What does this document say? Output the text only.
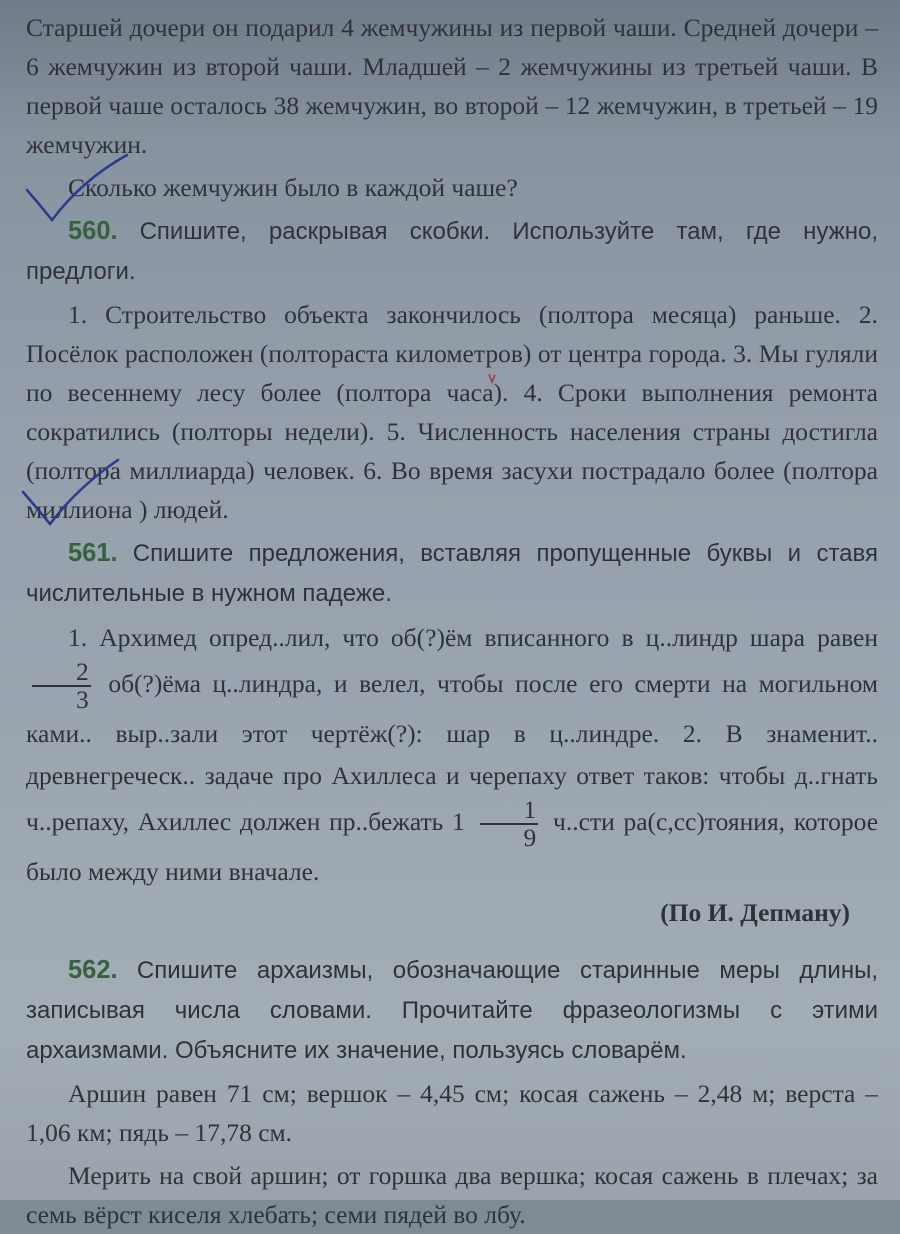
Старшей дочери он подарил 4 жемчужины из первой чаши. Средней дочери – 6 жемчужин из второй чаши. Младшей – 2 жемчужины из третьей чаши. В первой чаше осталось 38 жемчужин, во второй – 12 жемчужин, в третьей – 19 жемчужин.

Сколько жемчужин было в каждой чаше?

560. Спишите, раскрывая скобки. Используйте там, где нужно, предлоги.

1. Строительство объекта закончилось (полтора месяца) раньше. 2. Посёлок расположен (полтораста километров) от центра города. 3. Мы гуляли по весеннему лесу более (полтора часа). 4. Сроки выполнения ремонта сократились (полторы недели). 5. Численность населения страны достигла (полтора миллиарда) человек. 6. Во время засухи пострадало более (полтора миллиона ) людей.

561. Спишите предложения, вставляя пропущенные буквы и ставя числительные в нужном падеже.

1. Архимед опред..лил, что об(?)ём вписанного в ц..линдр шара равен
$\frac{2}{3}$ об(?)ёма ц..линдра, и велел, чтобы после его смерти на могильном ками.. выр..зали этот чертёж(?): шар в ц..линдре. 2. В знаменит.. древнегреческ.. задаче про Ахиллеса и черепаху ответ таков: чтобы д..гнать ч..репаху, Ахиллес должен пр..бежать $1 \frac{1}{9} ч..сти$ ра(с,сс)тояния, которое было между ними вначале.

(По И. Депману)

562. Спишите архаизмы, обозначающие старинные меры длины, записывая числа словами. Прочитайте фразеологизмы с этими архаизмами. Объясните их значение, пользуясь словарём.

Аршин равен 71 см; вершок – 4,45 см; косая сажень – 2,48 м; верста – 1,06 км; пядь – 17,78 см.

Мерить на свой аршин; от горшка два вершка; косая сажень в плечах; за семь вёрст киселя хлебать; семи пядей во лбу.
